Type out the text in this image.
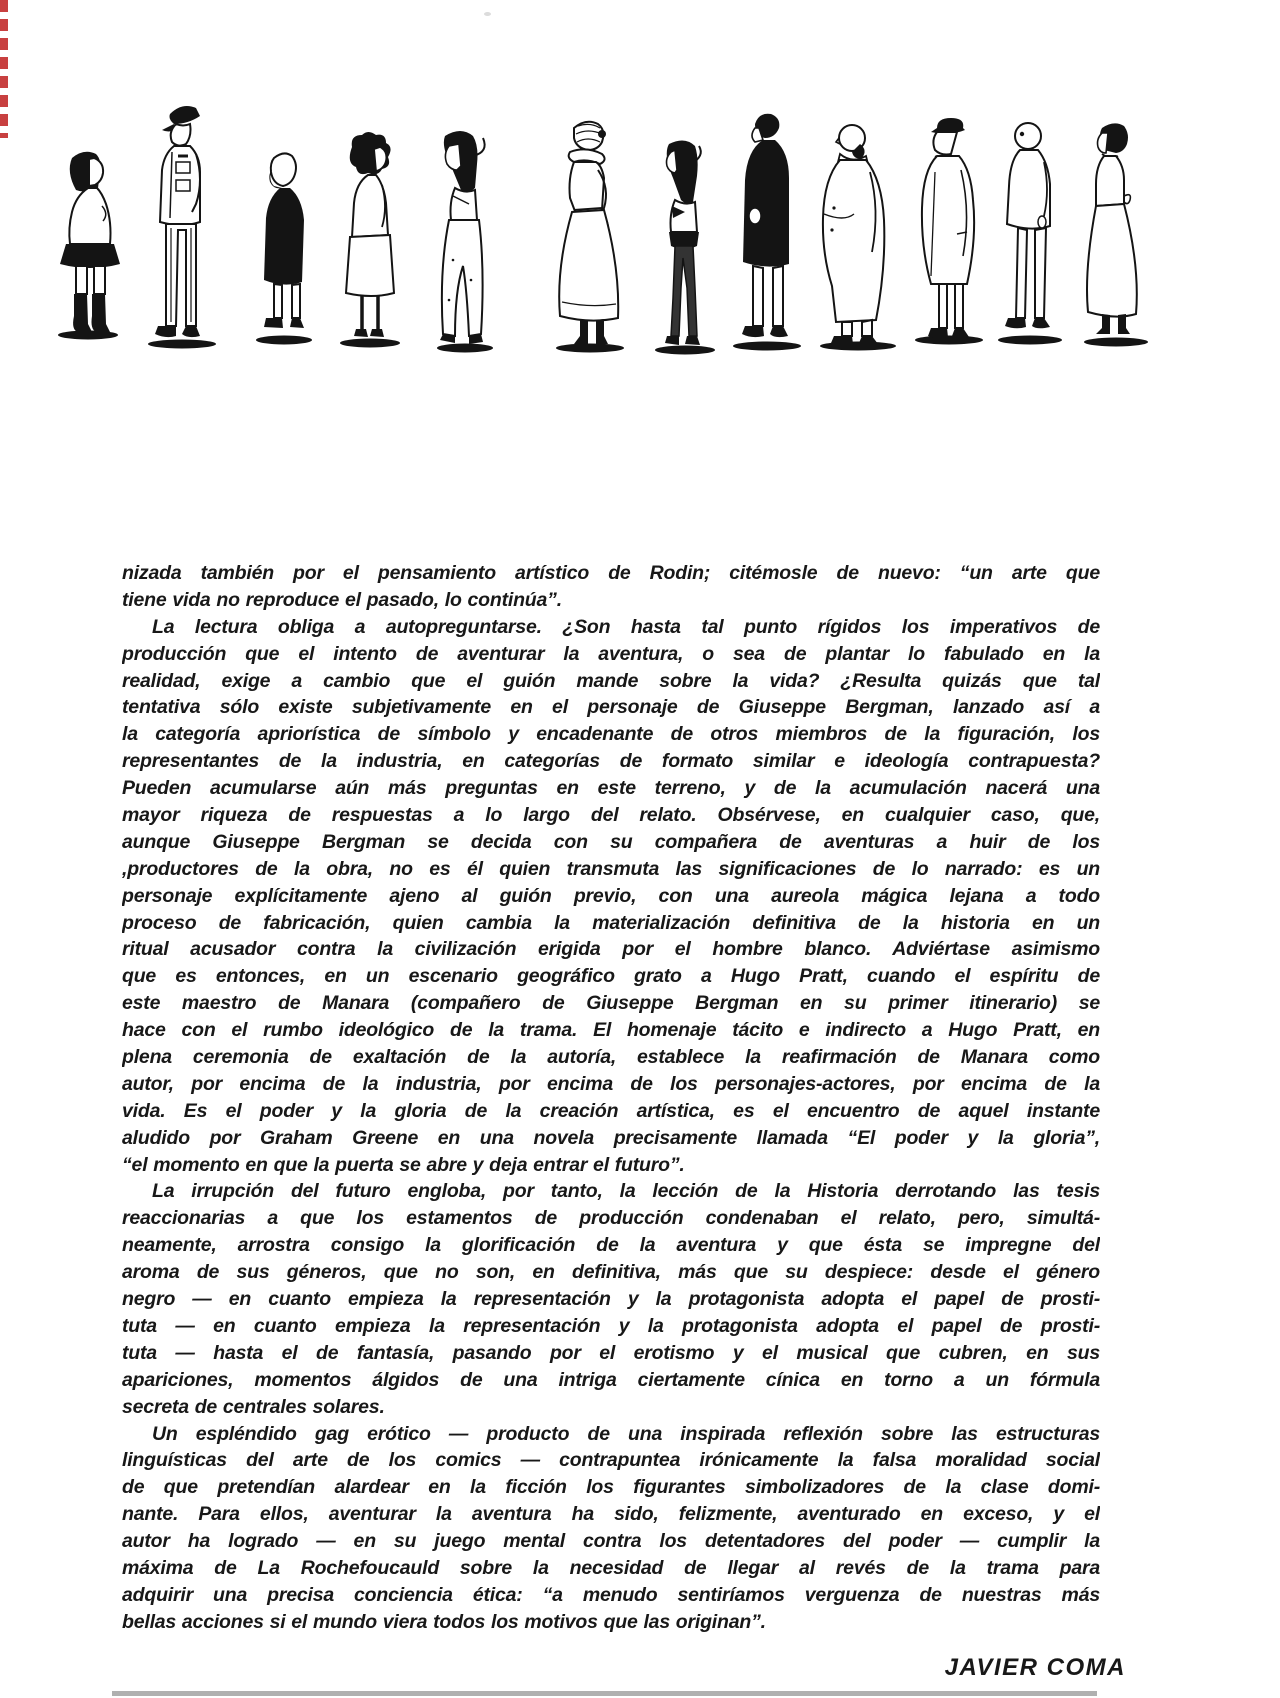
nizada también por el pensamiento artístico de Rodin; citémosle de nuevo: “un arte que
tiene vida no reproduce el pasado, lo continúa”.
La lectura obliga a autopreguntarse. ¿Son hasta tal punto rígidos los imperativos de
producción que el intento de aventurar la aventura, o sea de plantar lo fabulado en la
realidad, exige a cambio que el guión mande sobre la vida? ¿Resulta quizás que tal
tentativa sólo existe subjetivamente en el personaje de Giuseppe Bergman, lanzado así a
la categoría apriorística de símbolo y encadenante de otros miembros de la figuración, los
representantes de la industria, en categorías de formato similar e ideología contrapuesta?
Pueden acumularse aún más preguntas en este terreno, y de la acumulación nacerá una
mayor riqueza de respuestas a lo largo del relato. Obsérvese, en cualquier caso, que,
aunque Giuseppe Bergman se decida con su compañera de aventuras a huir de los
,productores de la obra, no es él quien transmuta las significaciones de lo narrado: es un
personaje explícitamente ajeno al guión previo, con una aureola mágica lejana a todo
proceso de fabricación, quien cambia la materialización definitiva de la historia en un
ritual acusador contra la civilización erigida por el hombre blanco. Adviértase asimismo
que es entonces, en un escenario geográfico grato a Hugo Pratt, cuando el espíritu de
este maestro de Manara (compañero de Giuseppe Bergman en su primer itinerario) se
hace con el rumbo ideológico de la trama. El homenaje tácito e indirecto a Hugo Pratt, en
plena ceremonia de exaltación de la autoría, establece la reafirmación de Manara como
autor, por encima de la industria, por encima de los personajes-actores, por encima de la
vida. Es el poder y la gloria de la creación artística, es el encuentro de aquel instante
aludido por Graham Greene en una novela precisamente llamada “El poder y la gloria”,
“el momento en que la puerta se abre y deja entrar el futuro”.
La irrupción del futuro engloba, por tanto, la lección de la Historia derrotando las tesis
reaccionarias a que los estamentos de producción condenaban el relato, pero, simultá-
neamente, arrostra consigo la glorificación de la aventura y que ésta se impregne del
aroma de sus géneros, que no son, en definitiva, más que su despiece: desde el género
negro — en cuanto empieza la representación y la protagonista adopta el papel de prosti-
tuta — en cuanto empieza la representación y la protagonista adopta el papel de prosti-
tuta — hasta el de fantasía, pasando por el erotismo y el musical que cubren, en sus
apariciones, momentos álgidos de una intriga ciertamente cínica en torno a un fórmula
secreta de centrales solares.
Un espléndido gag erótico — producto de una inspirada reflexión sobre las estructuras
linguísticas del arte de los comics — contrapuntea irónicamente la falsa moralidad social
de que pretendían alardear en la ficción los figurantes simbolizadores de la clase domi-
nante. Para ellos, aventurar la aventura ha sido, felizmente, aventurado en exceso, y el
autor ha logrado — en su juego mental contra los detentadores del poder — cumplir la
máxima de La Rochefoucauld sobre la necesidad de llegar al revés de la trama para
adquirir una precisa conciencia ética: “a menudo sentiríamos verguenza de nuestras más
bellas acciones si el mundo viera todos los motivos que las originan”.
JAVIER COMA
